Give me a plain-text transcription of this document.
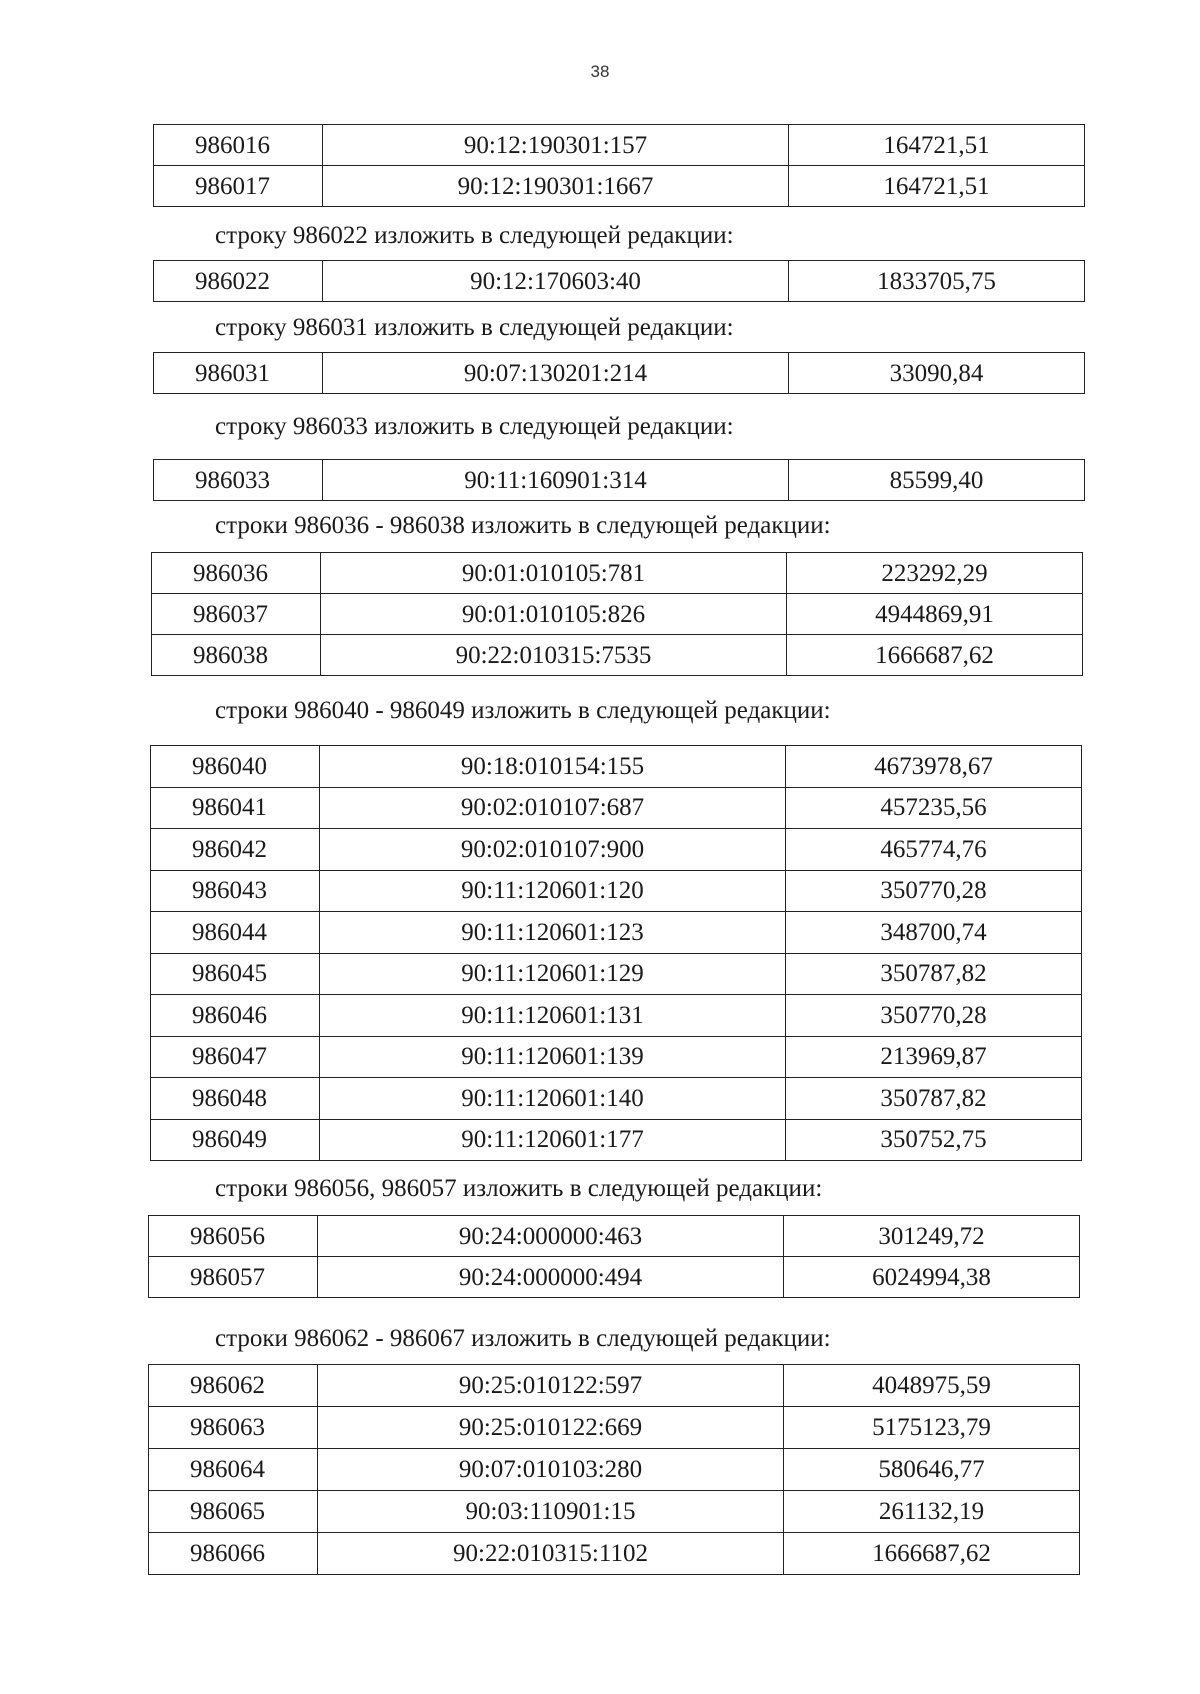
38
986016	90:12:190301:157	164721,51
986017	90:12:190301:1667	164721,51
строку 986022 изложить в следующей редакции:
986022	90:12:170603:40	1833705,75
строку 986031 изложить в следующей редакции:
986031	90:07:130201:214	33090,84
строку 986033 изложить в следующей редакции:
986033	90:11:160901:314	85599,40
строки 986036 - 986038 изложить в следующей редакции:
986036	90:01:010105:781	223292,29
986037	90:01:010105:826	4944869,91
986038	90:22:010315:7535	1666687,62
строки 986040 - 986049 изложить в следующей редакции:
986040	90:18:010154:155	4673978,67
986041	90:02:010107:687	457235,56
986042	90:02:010107:900	465774,76
986043	90:11:120601:120	350770,28
986044	90:11:120601:123	348700,74
986045	90:11:120601:129	350787,82
986046	90:11:120601:131	350770,28
986047	90:11:120601:139	213969,87
986048	90:11:120601:140	350787,82
986049	90:11:120601:177	350752,75
строки 986056, 986057 изложить в следующей редакции:
986056	90:24:000000:463	301249,72
986057	90:24:000000:494	6024994,38
строки 986062 - 986067 изложить в следующей редакции:
986062	90:25:010122:597	4048975,59
986063	90:25:010122:669	5175123,79
986064	90:07:010103:280	580646,77
986065	90:03:110901:15	261132,19
986066	90:22:010315:1102	1666687,62
